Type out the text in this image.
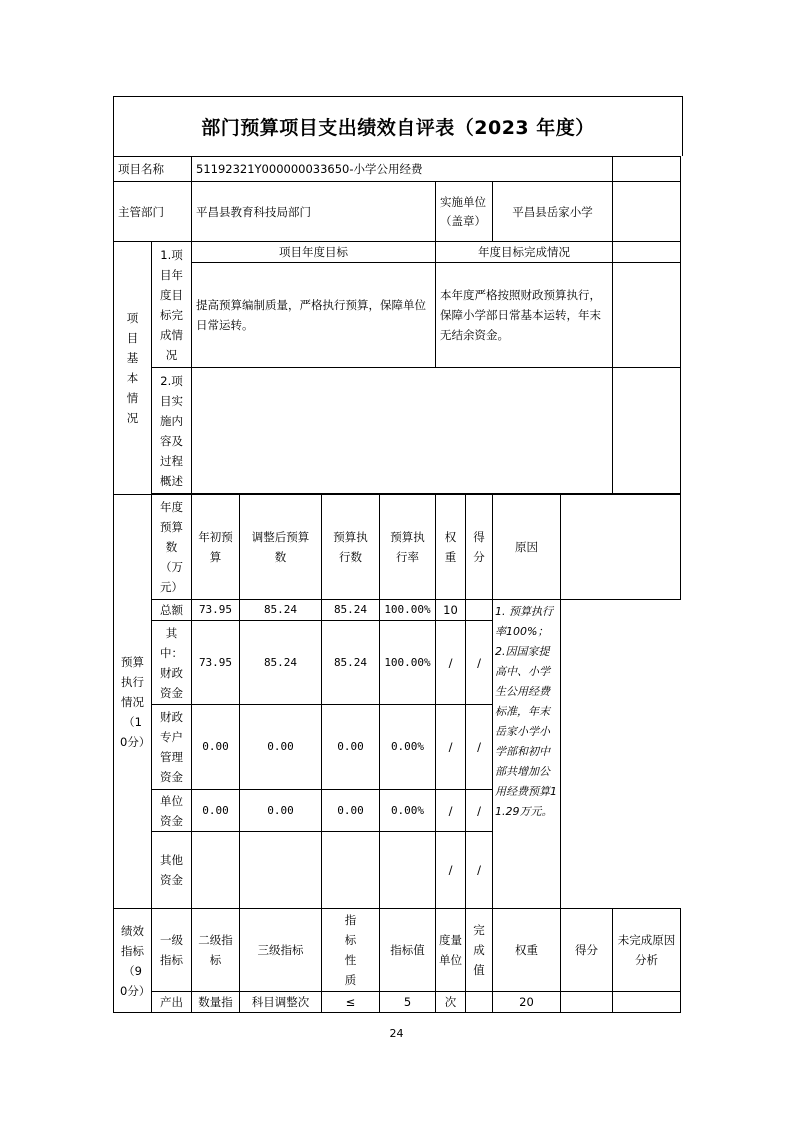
部门预算项目支出绩效自评表（2023 年度）
项目名称		51192321Y000000033650-小学公用经费								
主管部门		平昌县教育科技局部门				实施单位（盖章）		平昌县岳家小学		
项目基本情况	1.项目年度目标完成情况	项目年度目标				年度目标完成情况				
		提高预算编制质量，严格执行预算，保障单位日常运转。				本年度严格按照财政预算执行，保障小学部日常基本运转，年末无结余资金。				
	2.项目实施内容及过程概述									

预算执行情况（10分）	年度预算数（万元）	年初预算	调整后预算数	预算执行数	预算执行率	权重	得分	原因		
	总额	73.95	85.24	85.24	100.00%	10		1. 预算执行率100%；2.因国家提高中、小学生公用经费标准，年末岳家小学小学部和初中部共增加公用经费预算11.29万元。		
	其中：财政资金	73.95	85.24	85.24	100.00%	/	/			
	财政专户管理资金	0.00	0.00	0.00	0.00%	/	/			
	单位资金	0.00	0.00	0.00	0.00%	/	/			
	其他资金					/	/			
绩效指标（90分）	一级指标	二级指标	三级指标	指标性质	指标值	度量单位	完成值	权重	得分	未完成原因分析
	产出	数量指	科目调整次	≤	5	次		20		
24
